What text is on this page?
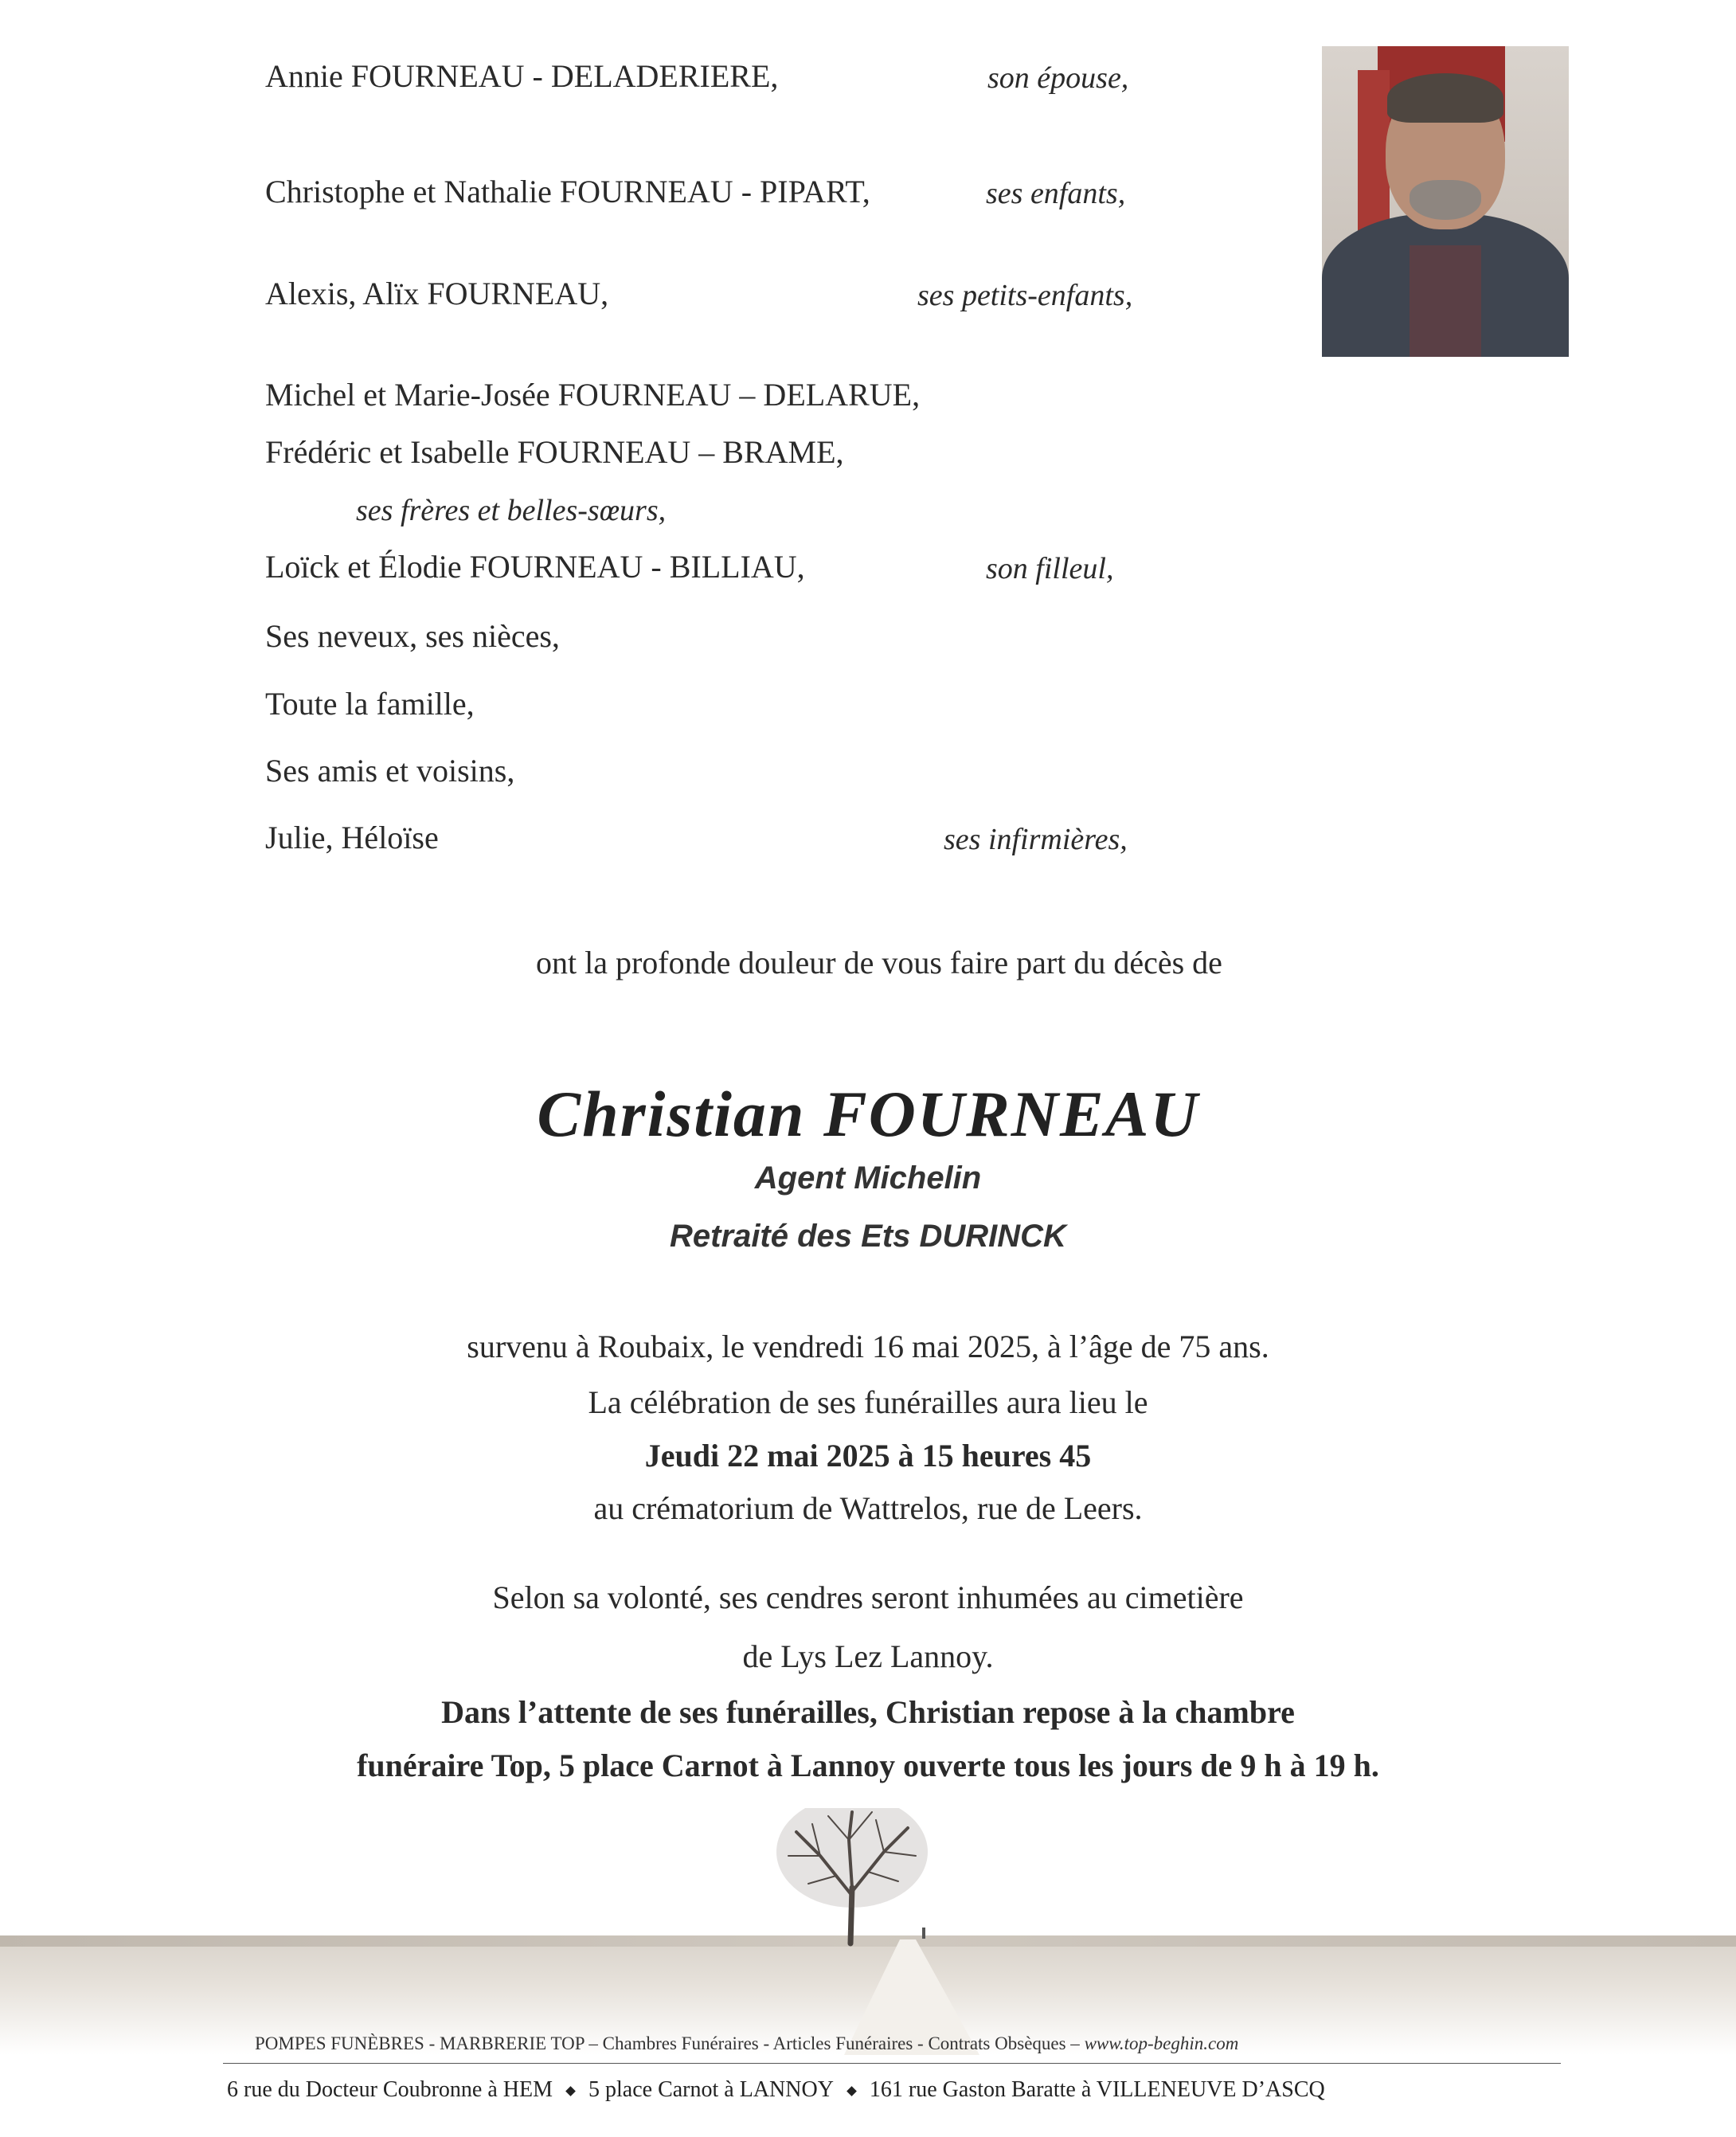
Annie FOURNEAU - DELADERIERE,	son épouse,
Christophe et Nathalie FOURNEAU - PIPART,	ses enfants,
Alexis, Alïx FOURNEAU,	ses petits-enfants,
Michel et Marie-Josée FOURNEAU – DELARUE,
Frédéric et Isabelle FOURNEAU – BRAME,
ses frères et belles-sœurs,
Loïck et Élodie FOURNEAU - BILLIAU,	son filleul,
Ses neveux, ses nièces,
Toute la famille,
Ses amis et voisins,
Julie, Héloïse	ses infirmières,
ont la profonde douleur de vous faire part du décès de
Christian FOURNEAU
Agent Michelin
Retraité des Ets DURINCK
survenu à Roubaix, le vendredi 16 mai 2025, à l’âge de 75 ans.
La célébration de ses funérailles aura lieu le
Jeudi 22 mai 2025 à 15 heures 45
au crématorium de Wattrelos, rue de Leers.
Selon sa volonté, ses cendres seront inhumées au cimetière
de Lys Lez Lannoy.
Dans l’attente de ses funérailles, Christian repose à la chambre
funéraire Top, 5 place Carnot à Lannoy ouverte tous les jours de 9 h à 19 h.
POMPES FUNÈBRES - MARBRERIE TOP – Chambres Funéraires - Articles Funéraires - Contrats Obsèques – www.top-beghin.com
6 rue du Docteur Coubronne à HEM 5 place Carnot à LANNOY 161 rue Gaston Baratte à VILLENEUVE D’ASCQ
